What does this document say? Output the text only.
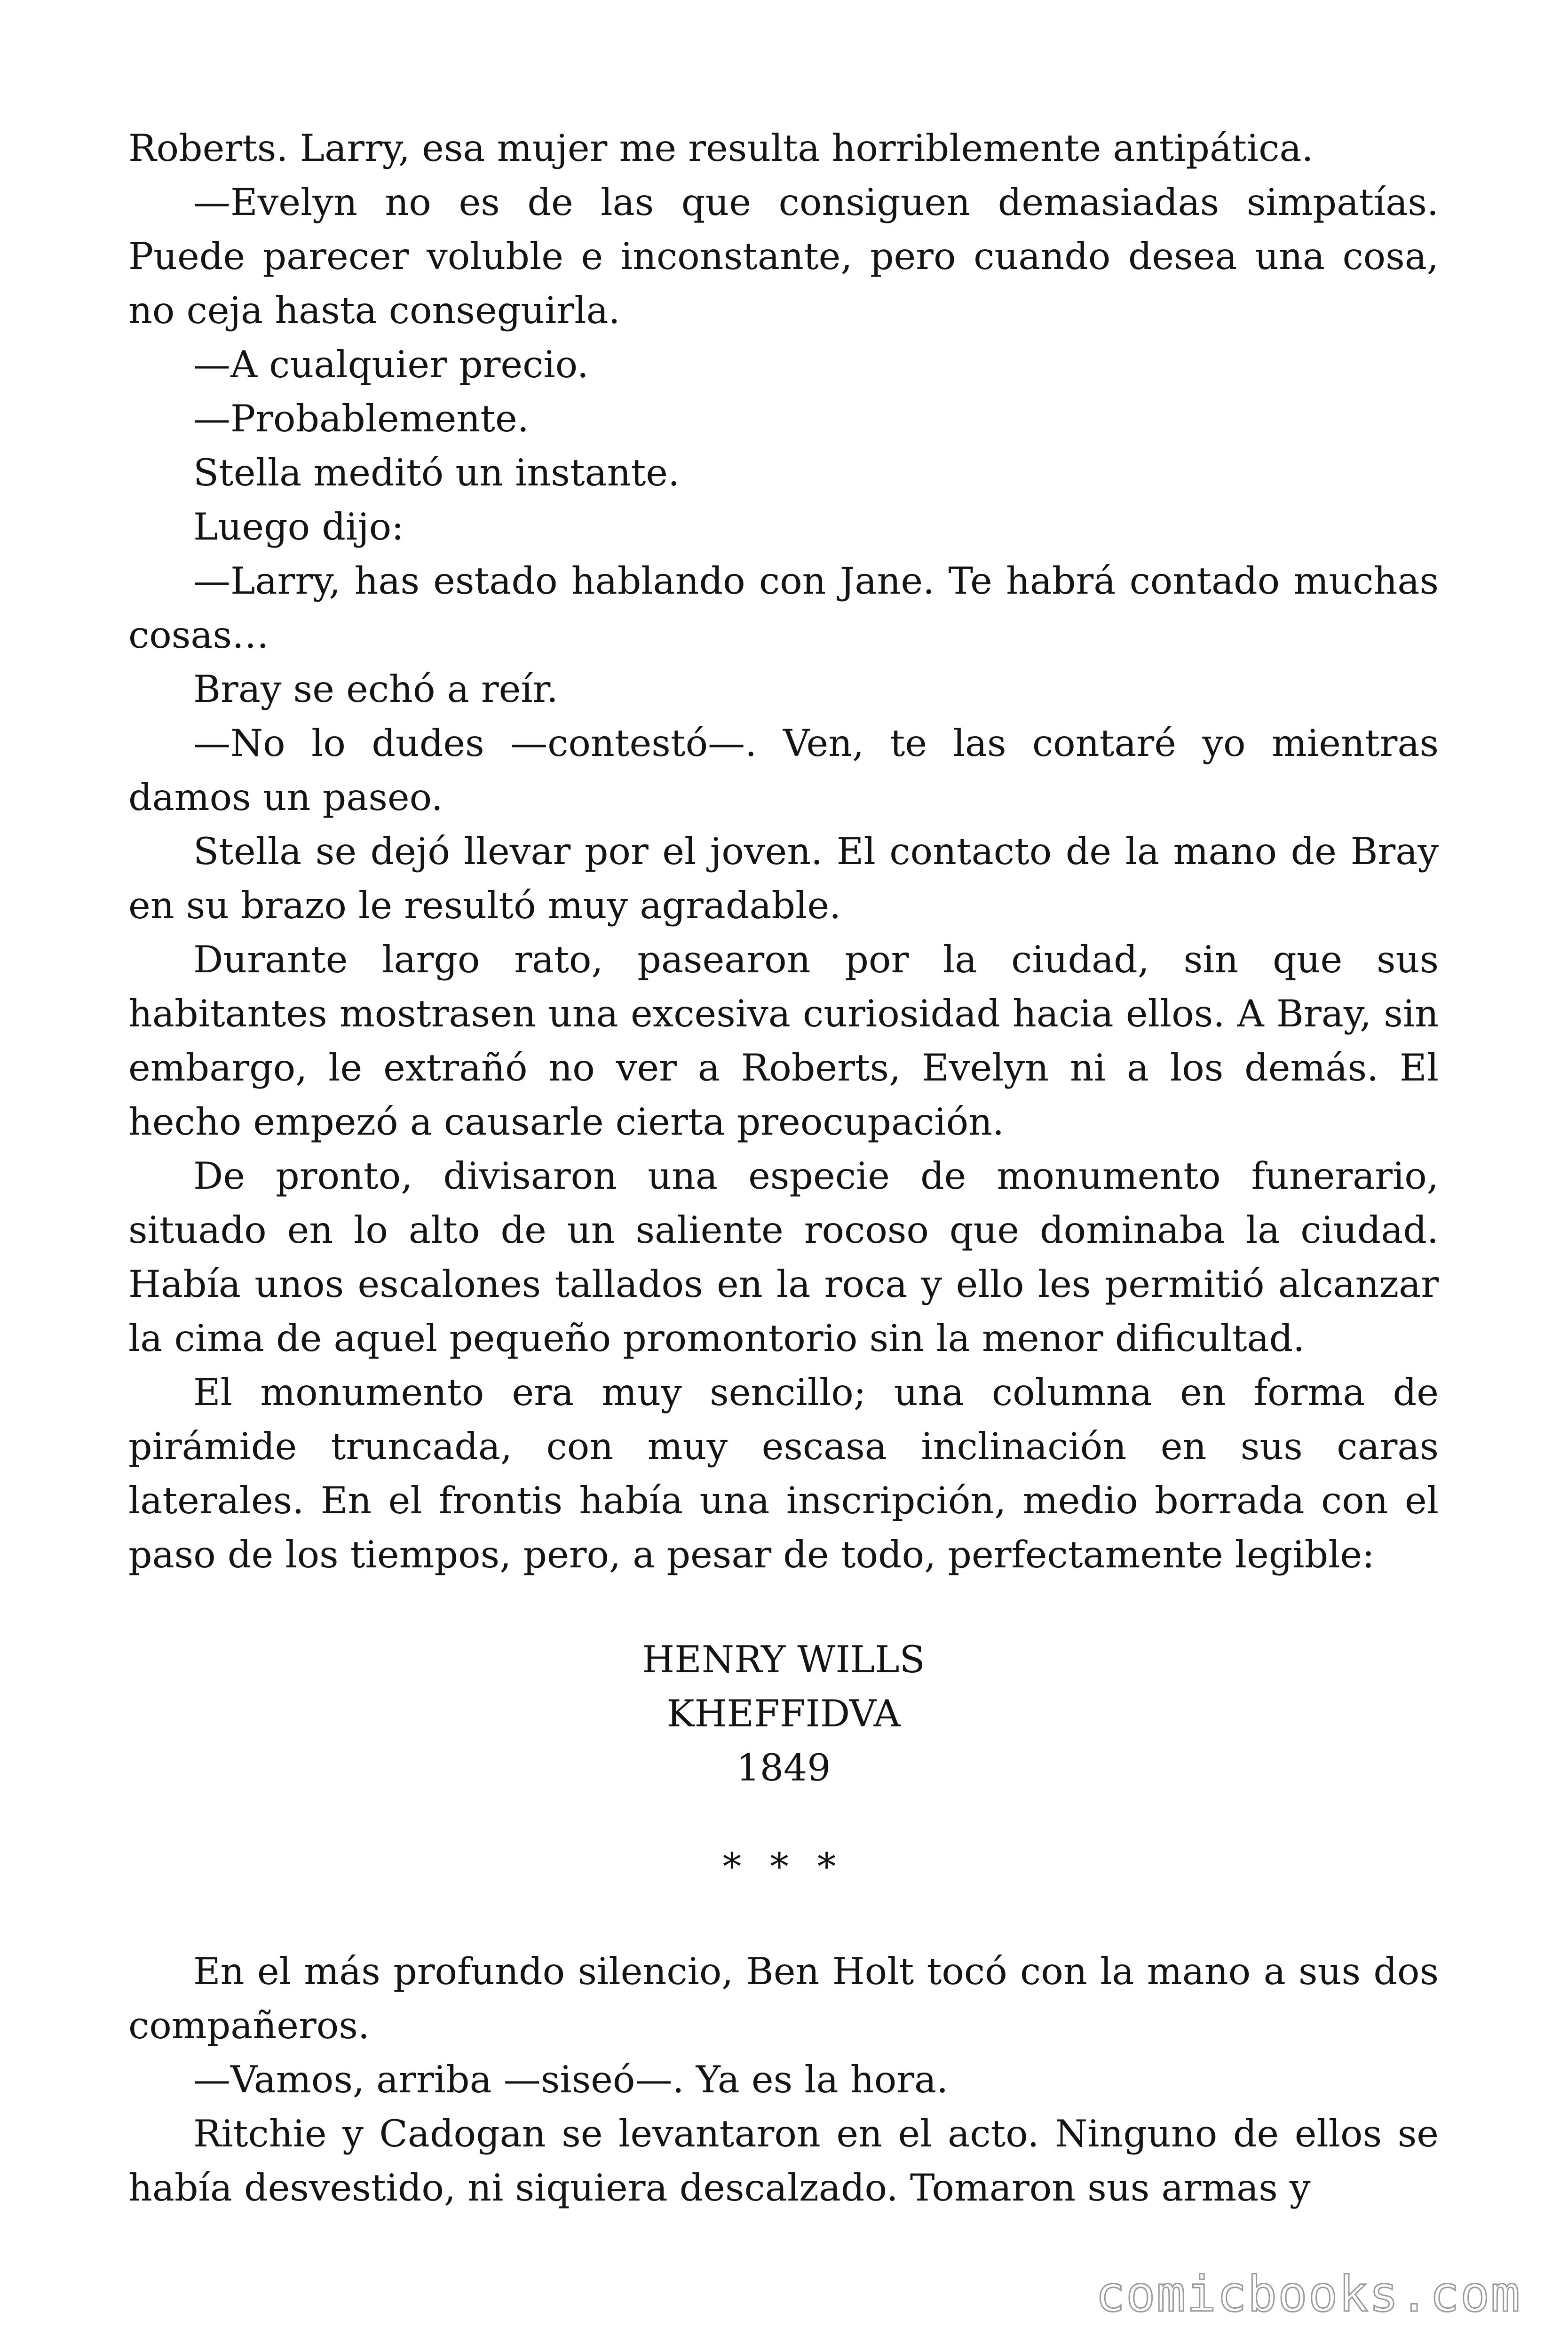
Roberts. Larry, esa mujer me resulta horriblemente antipática.

—Evelyn no es de las que consiguen demasiadas simpatías. Puede parecer voluble e inconstante, pero cuando desea una cosa, no ceja hasta conseguirla.

—A cualquier precio.

—Probablemente.

Stella meditó un instante.

Luego dijo:

—Larry, has estado hablando con Jane. Te habrá contado muchas cosas…

Bray se echó a reír.

—No lo dudes —contestó—. Ven, te las contaré yo mientras damos un paseo.

Stella se dejó llevar por el joven. El contacto de la mano de Bray en su brazo le resultó muy agradable.

Durante largo rato, pasearon por la ciudad, sin que sus habitantes mostrasen una excesiva curiosidad hacia ellos. A Bray, sin embargo, le extrañó no ver a Roberts, Evelyn ni a los demás. El hecho empezó a causarle cierta preocupación.

De pronto, divisaron una especie de monumento funerario, situado en lo alto de un saliente rocoso que dominaba la ciudad. Había unos escalones tallados en la roca y ello les permitió alcanzar la cima de aquel pequeño promontorio sin la menor dificultad.

El monumento era muy sencillo; una columna en forma de pirámide truncada, con muy escasa inclinación en sus caras laterales. En el frontis había una inscripción, medio borrada con el paso de los tiempos, pero, a pesar de todo, perfectamente legible:

HENRY WILLS
KHEFFIDVA
1849
* * *

En el más profundo silencio, Ben Holt tocó con la mano a sus dos compañeros.

—Vamos, arriba —siseó—. Ya es la hora.

Ritchie y Cadogan se levantaron en el acto. Ninguno de ellos se había desvestido, ni siquiera descalzado. Tomaron sus armas y

comicbooks.com
